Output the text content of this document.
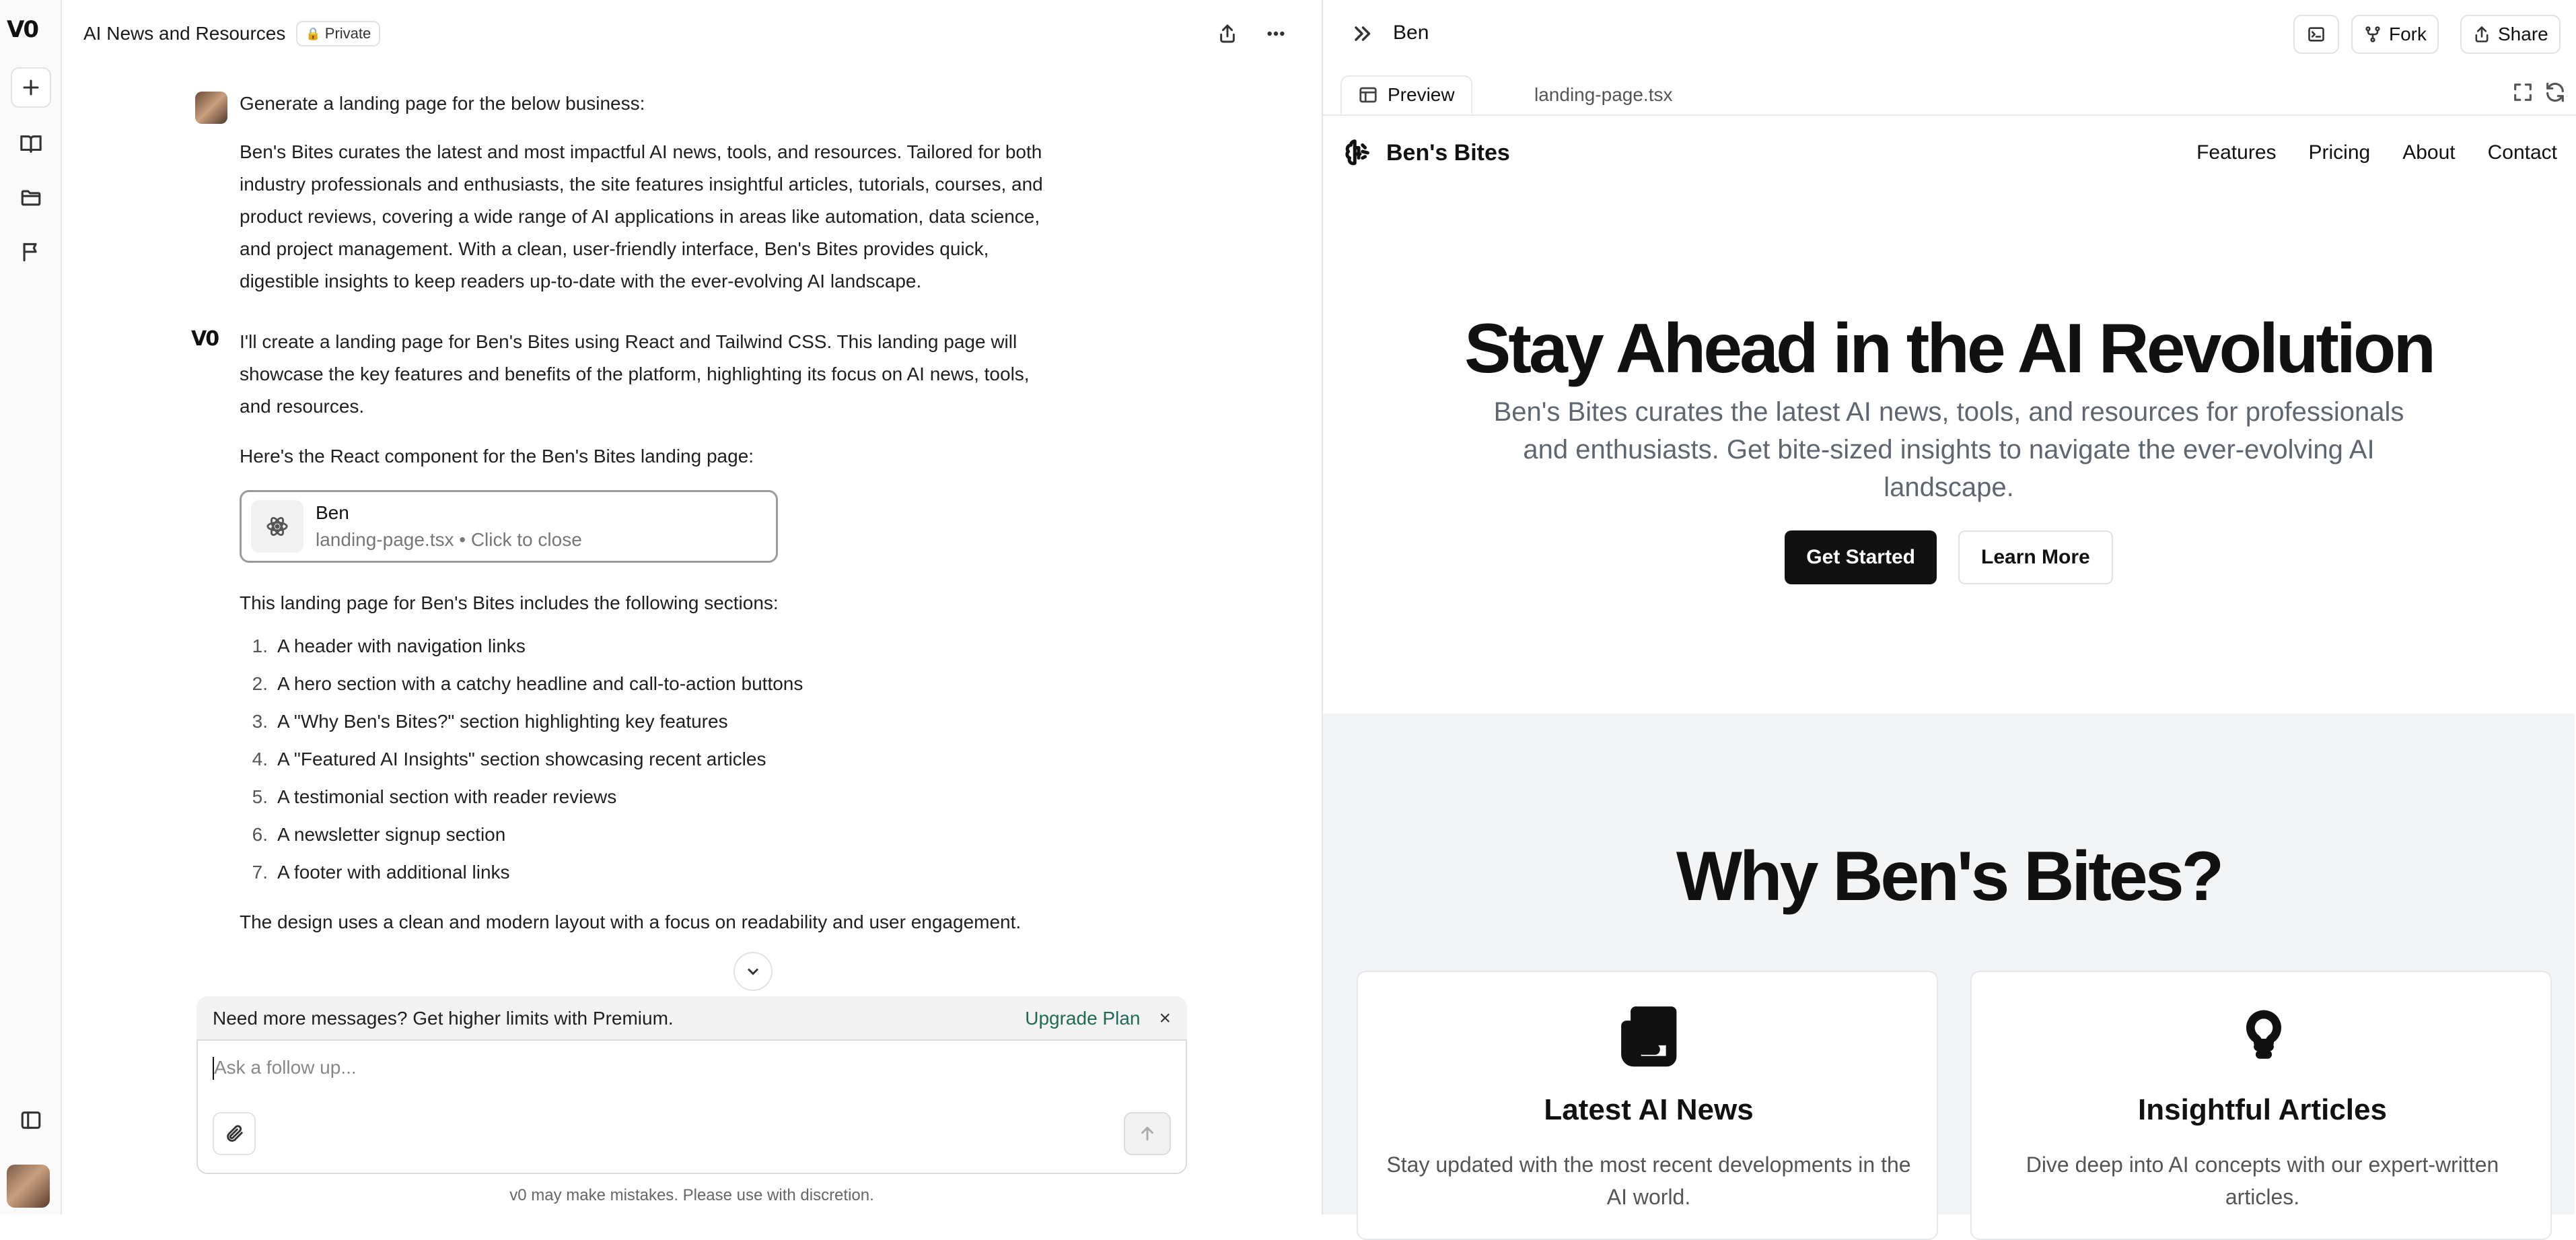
V0	AI News and Resources 🔒 Private
Generate a landing page for the below business:
Ben's Bites curates the latest and most impactful AI news, tools, and resources. Tailored for both industry professionals and enthusiasts, the site features insightful articles, tutorials, courses, and product reviews, covering a wide range of AI applications in areas like automation, data science, and project management. With a clean, user-friendly interface, Ben's Bites provides quick, digestible insights to keep readers up-to-date with the ever-evolving AI landscape.
V0 I'll create a landing page for Ben's Bites using React and Tailwind CSS. This landing page will showcase the key features and benefits of the platform, highlighting its focus on AI news, tools, and resources.
Here's the React component for the Ben's Bites landing page:
Ben
landing-page.tsx • Click to close
This landing page for Ben's Bites includes the following sections:
1. A header with navigation links
2. A hero section with a catchy headline and call-to-action buttons
3. A "Why Ben's Bites?" section highlighting key features
4. A "Featured AI Insights" section showcasing recent articles
5. A testimonial section with reader reviews
6. A newsletter signup section
7. A footer with additional links
The design uses a clean and modern layout with a focus on readability and user engagement.
Need more messages? Get higher limits with Premium.	Upgrade Plan ×
Ask a follow up...
v0 may make mistakes. Please use with discretion.
Ben	Fork	Share
Preview	landing-page.tsx
Ben's Bites	Features Pricing About Contact
Stay Ahead in the AI Revolution
Ben's Bites curates the latest AI news, tools, and resources for professionals and enthusiasts. Get bite-sized insights to navigate the ever-evolving AI landscape.
Get Started	Learn More
Why Ben's Bites?
Latest AI News
Stay updated with the most recent developments in the AI world.
Insightful Articles
Dive deep into AI concepts with our expert-written articles.
